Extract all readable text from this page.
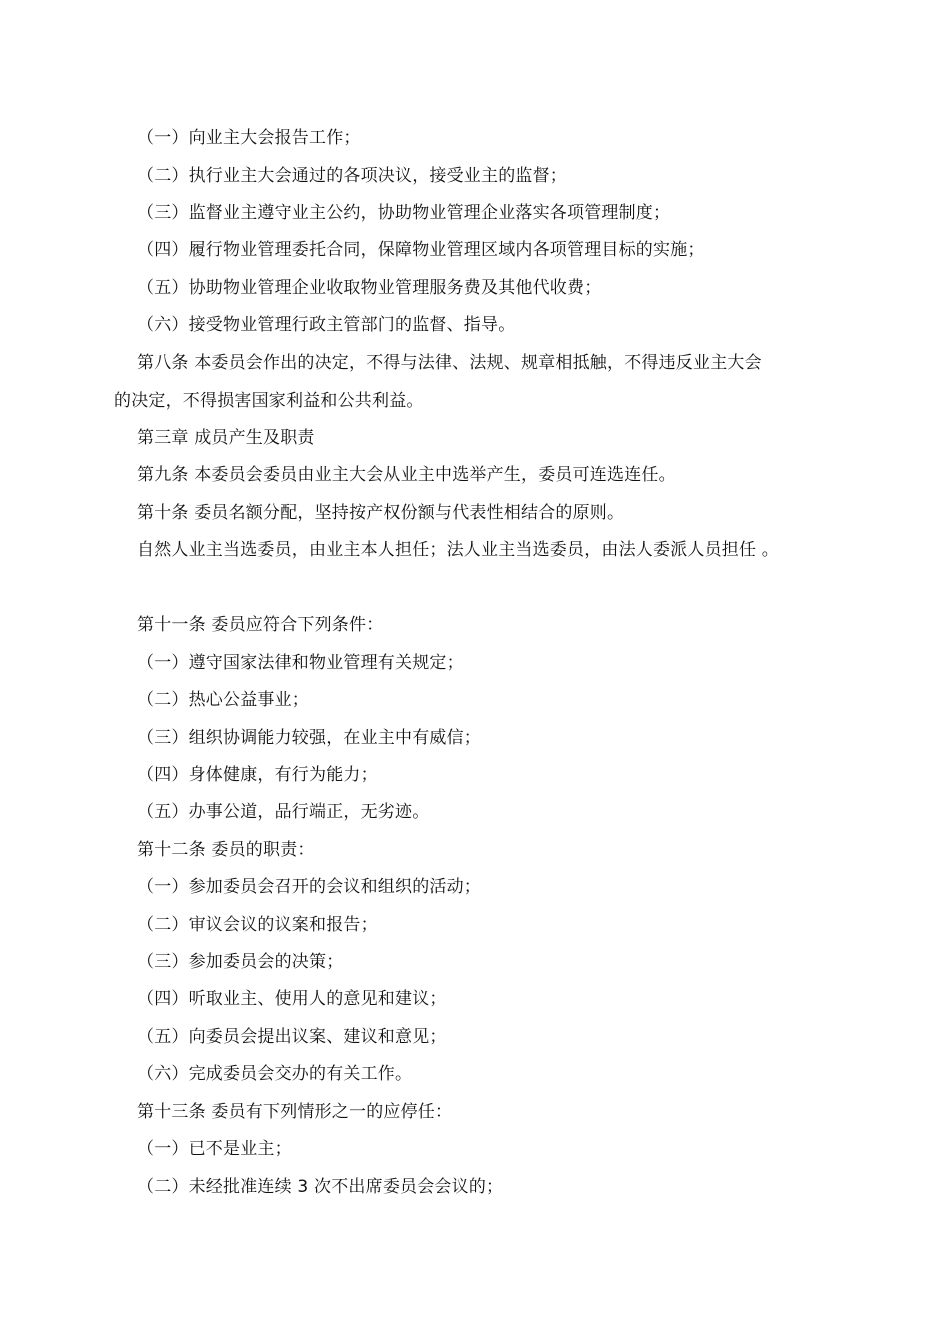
（一）向业主大会报告工作；
（二）执行业主大会通过的各项决议，接受业主的监督；
（三）监督业主遵守业主公约，协助物业管理企业落实各项管理制度；
（四）履行物业管理委托合同，保障物业管理区域内各项管理目标的实施；
（五）协助物业管理企业收取物业管理服务费及其他代收费；
（六）接受物业管理行政主管部门的监督、指导。
第八条 本委员会作出的决定，不得与法律、法规、规章相抵触，不得违反业主大会
的决定，不得损害国家利益和公共利益。
第三章 成员产生及职责
第九条 本委员会委员由业主大会从业主中选举产生，委员可连选连任。
第十条 委员名额分配，坚持按产权份额与代表性相结合的原则。
自然人业主当选委员，由业主本人担任；法人业主当选委员，由法人委派人员担任 。
第十一条 委员应符合下列条件：
（一）遵守国家法律和物业管理有关规定；
（二）热心公益事业；
（三）组织协调能力较强，在业主中有威信；
（四）身体健康，有行为能力；
（五）办事公道，品行端正，无劣迹。
第十二条 委员的职责：
（一）参加委员会召开的会议和组织的活动；
（二）审议会议的议案和报告；
（三）参加委员会的决策；
（四）听取业主、使用人的意见和建议；
（五）向委员会提出议案、建议和意见；
（六）完成委员会交办的有关工作。
第十三条 委员有下列情形之一的应停任：
（一）已不是业主；
（二）未经批准连续 3 次不出席委员会会议的；
